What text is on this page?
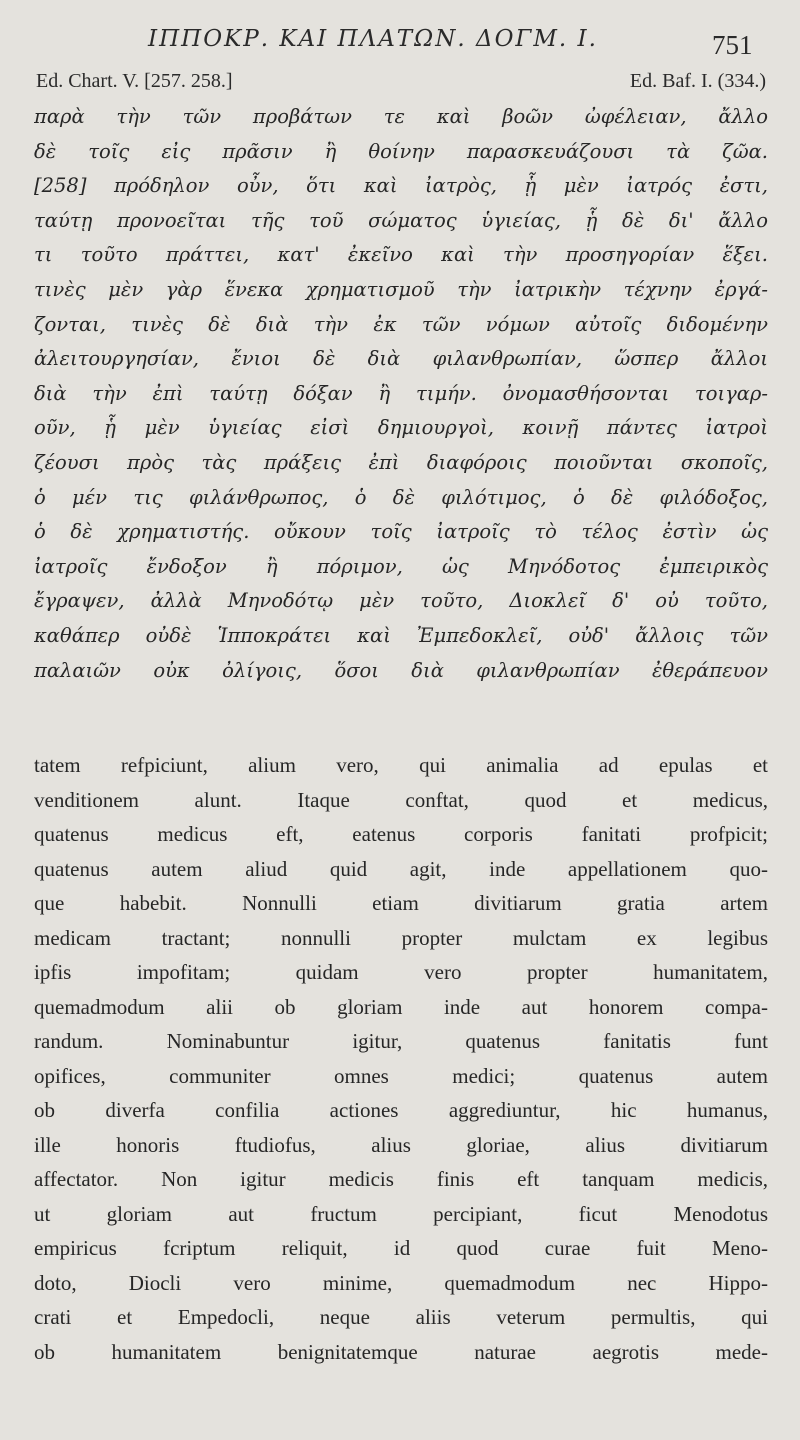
ΙΠΠΟΚΡ. ΚΑΙ ΠΛΑΤΩΝ. ΔΟΓΜ. Ι.	751
Ed. Chart. V. [257. 258.]	Ed. Baf. I. (334.)
παρὰ τὴν τῶν προβάτων τε καὶ βοῶν ὠφέλειαν, ἄλλο
δὲ τοῖς εἰς πρᾶσιν ἢ θοίνην παρασκευάζουσι τὰ ζῶα.
[258] πρόδηλον οὖν, ὅτι καὶ ἰατρὸς, ᾗ μὲν ἰατρός ἐστι,
ταύτῃ προνοεῖται τῆς τοῦ σώματος ὑγιείας, ᾗ δὲ δι' ἄλλο
τι τοῦτο πράττει, κατ' ἐκεῖνο καὶ τὴν προσηγορίαν ἕξει.
τινὲς μὲν γὰρ ἕνεκα χρηματισμοῦ τὴν ἰατρικὴν τέχνην ἐργά-
ζονται, τινὲς δὲ διὰ τὴν ἐκ τῶν νόμων αὐτοῖς διδομένην
ἀλειτουργησίαν, ἔνιοι δὲ διὰ φιλανθρωπίαν, ὥσπερ ἄλλοι
διὰ τὴν ἐπὶ ταύτῃ δόξαν ἢ τιμήν. ὀνομασθήσονται τοιγαρ-
οῦν, ᾗ μὲν ὑγιείας εἰσὶ δημιουργοὶ, κοινῇ πάντες ἰατροὶ
ζέουσι πρὸς τὰς πράξεις ἐπὶ διαφόροις ποιοῦνται σκοποῖς,
ὁ μέν τις φιλάνθρωπος, ὁ δὲ φιλότιμος, ὁ δὲ φιλόδοξος,
ὁ δὲ χρηματιστής. οὔκουν τοῖς ἰατροῖς τὸ τέλος ἐστὶν ὡς
ἰατροῖς ἔνδοξον ἢ πόριμον, ὡς Μηνόδοτος ἐμπειρικὸς
ἔγραψεν, ἀλλὰ Μηνοδότῳ μὲν τοῦτο, Διοκλεῖ δ' οὐ τοῦτο,
καθάπερ οὐδὲ Ἱπποκράτει καὶ Ἐμπεδοκλεῖ, οὐδ' ἄλλοις τῶν
παλαιῶν οὐκ ὀλίγοις, ὅσοι διὰ φιλανθρωπίαν ἐθεράπευον
tatem refpiciunt, alium vero, qui animalia ad epulas et
venditionem alunt. Itaque conftat, quod et medicus,
quatenus medicus eft, eatenus corporis fanitati profpicit;
quatenus autem aliud quid agit, inde appellationem quo-
que habebit. Nonnulli etiam divitiarum gratia artem
medicam tractant; nonnulli propter mulctam ex legibus
ipfis impofitam; quidam vero propter humanitatem,
quemadmodum alii ob gloriam inde aut honorem compa-
randum. Nominabuntur igitur, quatenus fanitatis funt
opifices, communiter omnes medici; quatenus autem
ob diverfa confilia actiones aggrediuntur, hic humanus,
ille honoris ftudiofus, alius gloriae, alius divitiarum
affectator. Non igitur medicis finis eft tanquam medicis,
ut gloriam aut fructum percipiant, ficut Menodotus
empiricus fcriptum reliquit, id quod curae fuit Meno-
doto, Diocli vero minime, quemadmodum nec Hippo-
crati et Empedocli, neque aliis veterum permultis, qui
ob humanitatem benignitatemque naturae aegrotis mede-
